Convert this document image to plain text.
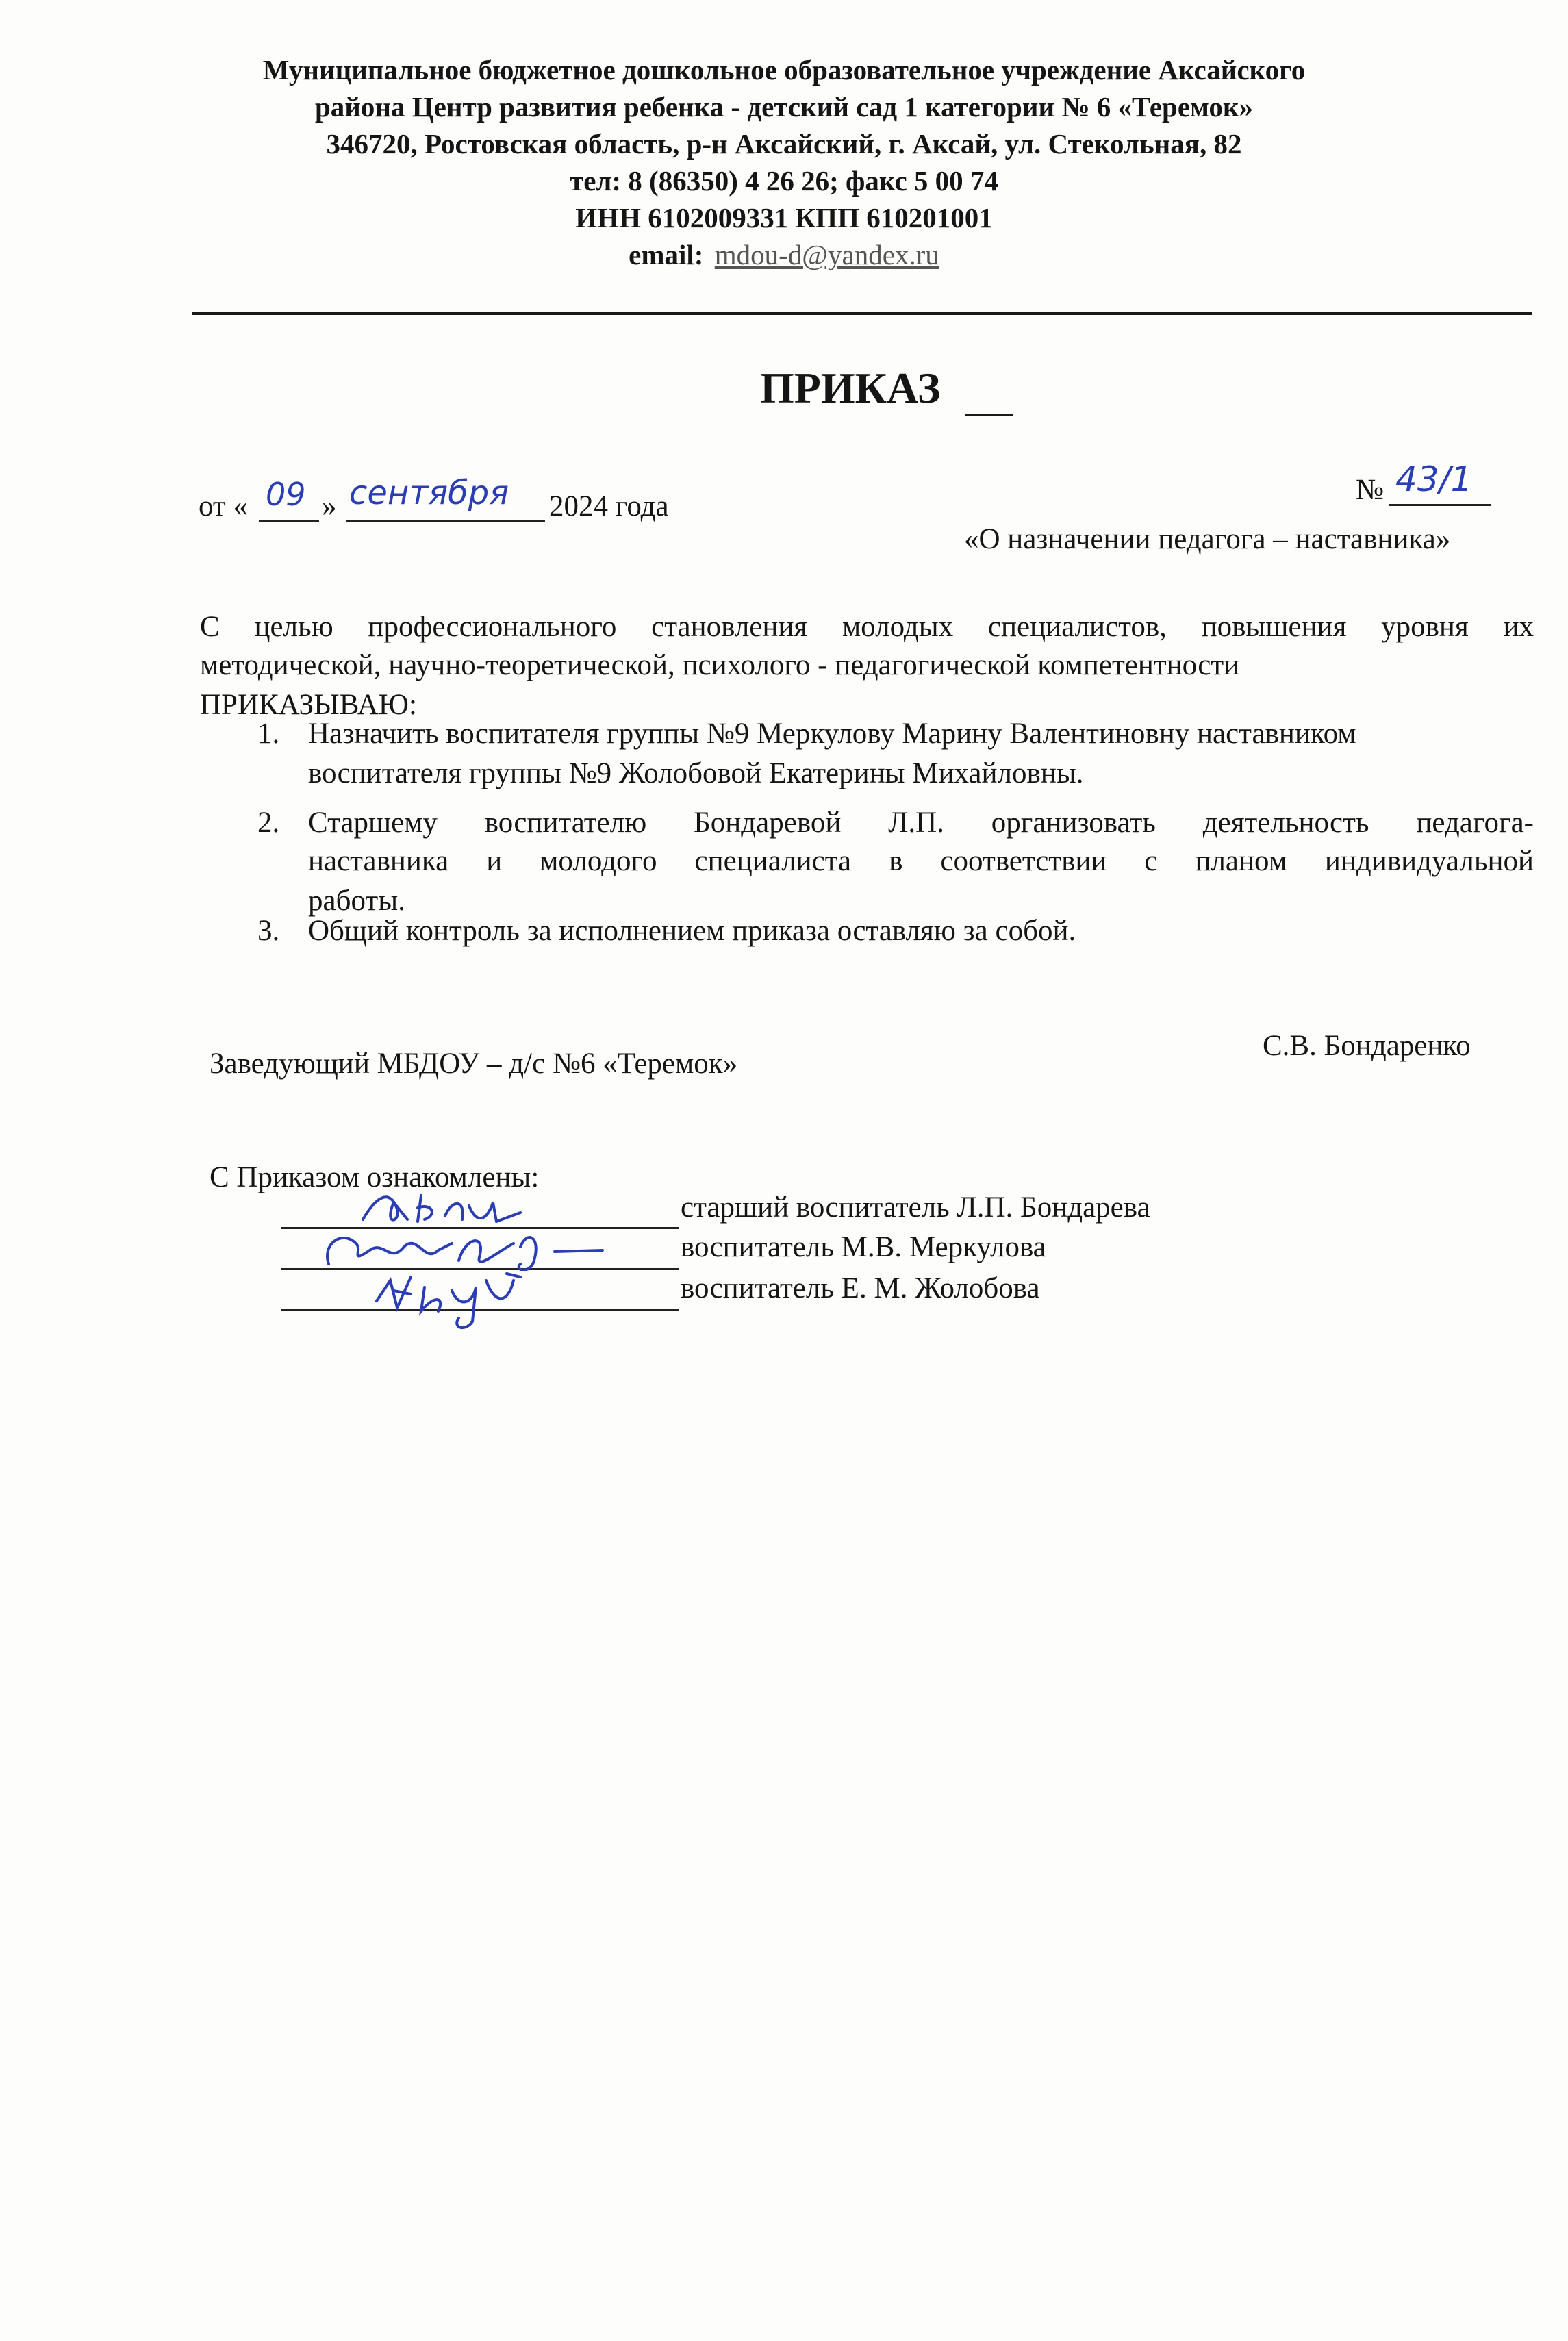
Муниципальное бюджетное дошкольное образовательное учреждение Аксайского
района Центр развития ребенка - детский сад 1 категории № 6 «Теремок»
346720, Ростовская область, р-н Аксайский, г. Аксай, ул. Стекольная, 82
тел: 8 (86350) 4 26 26; факс 5 00 74
ИНН 6102009331 КПП 610201001
email: mdou-d@yandex.ru
ПРИКАЗ
от « 09 » сентября 2024 года
№ 43/1
«О назначении педагога – наставника»
С целью профессионального становления молодых специалистов, повышения уровня их
методической, научно-теоретической, психолого - педагогической компетентности
ПРИКАЗЫВАЮ:
1. Назначить воспитателя группы №9 Меркулову Марину Валентиновну наставником
воспитателя группы №9 Жолобовой Екатерины Михайловны.
2. Старшему воспитателю Бондаревой Л.П. организовать деятельность педагога-
наставника и молодого специалиста в соответствии с планом индивидуальной
работы.
3. Общий контроль за исполнением приказа оставляю за собой.
Заведующий МБДОУ – д/с №6 «Теремок»
С.В. Бондаренко
С Приказом ознакомлены:
старший воспитатель Л.П. Бондарева
воспитатель М.В. Меркулова
воспитатель Е. М. Жолобова
